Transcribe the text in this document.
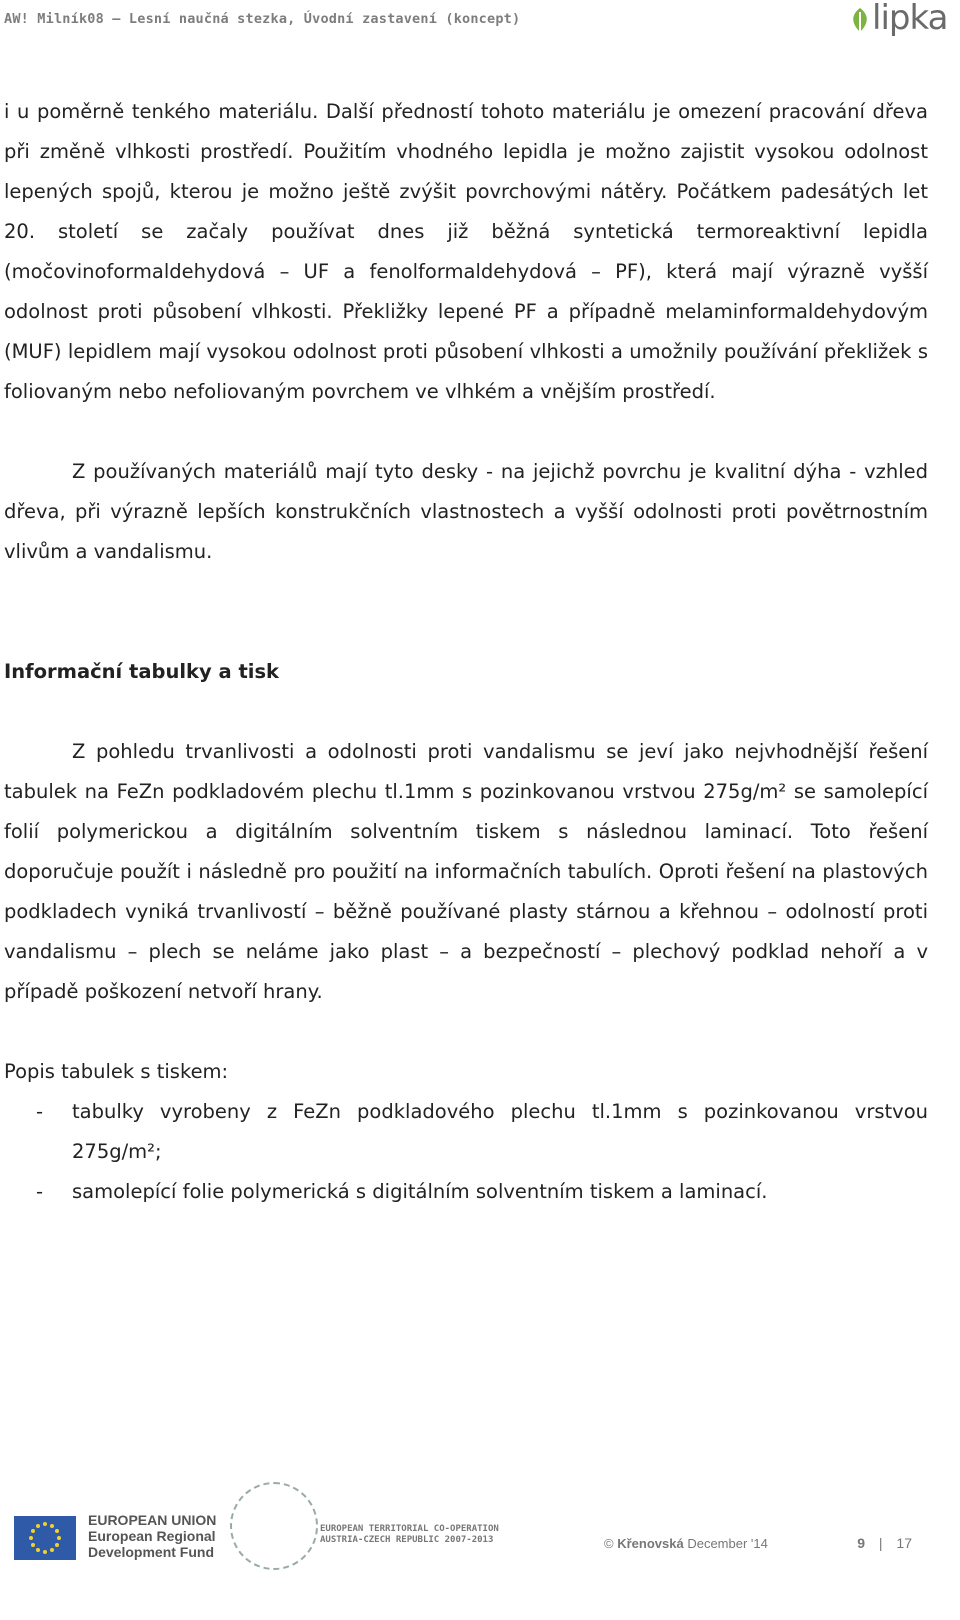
AW! Milník08 – Lesní naučná stezka, Úvodní zastavení (koncept)	lipka

i u poměrně tenkého materiálu. Další předností tohoto materiálu je omezení pracování dřeva při změně vlhkosti prostředí. Použitím vhodného lepidla je možno zajistit vysokou odolnost lepených spojů, kterou je možno ještě zvýšit povrchovými nátěry. Počátkem padesátých let 20. století se začaly používat dnes již běžná syntetická termoreaktivní lepidla (močovinoformaldehydová – UF a fenolformaldehydová – PF), která mají výrazně vyšší odolnost proti působení vlhkosti. Překližky lepené PF a případně melaminformaldehydovým (MUF) lepidlem mají vysokou odolnost proti působení vlhkosti a umožnily používání překližek s foliovaným nebo nefoliovaným povrchem ve vlhkém a vnějším prostředí.

Z používaných materiálů mají tyto desky - na jejichž povrchu je kvalitní dýha - vzhled dřeva, při výrazně lepších konstrukčních vlastnostech a vyšší odolnosti proti povětrnostním vlivům a vandalismu.

Informační tabulky a tisk

Z pohledu trvanlivosti a odolnosti proti vandalismu se jeví jako nejvhodnější řešení tabulek na FeZn podkladovém plechu tl.1mm s pozinkovanou vrstvou 275g/m² se samolepící folií polymerickou a digitálním solventním tiskem s následnou laminací. Toto řešení doporučuje použít i následně pro použití na informačních tabulích. Oproti řešení na plastových podkladech vyniká trvanlivostí – běžně používané plasty stárnou a křehnou – odolností proti vandalismu – plech se neláme jako plast – a bezpečností – plechový podklad nehoří a v případě poškození netvoří hrany.

Popis tabulek s tiskem:

- tabulky vyrobeny z FeZn podkladového plechu tl.1mm s pozinkovanou vrstvou 275g/m²;
- samolepící folie polymerická s digitálním solventním tiskem a laminací.
EUROPEAN UNION
European Regional
Development Fund
EUROPEAN TERRITORIAL CO-OPERATION
AUSTRIA-CZECH REPUBLIC 2007-2013	© Křenovská December '14	9 | 17
